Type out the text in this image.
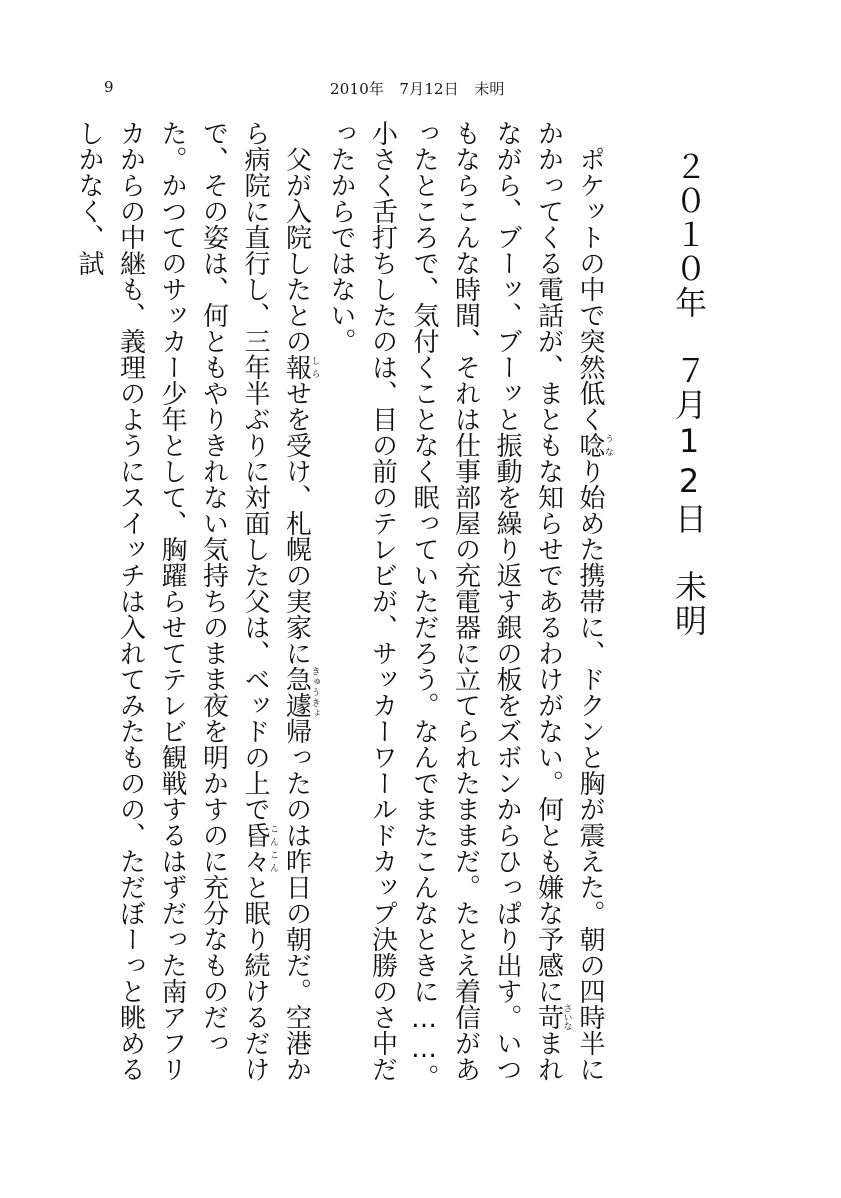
9	2010年　7月12日　未明
２０１０年　７月12日　未明

ポケットの中で突然低く唸うなり始めた携帯に、ドクンと胸が震えた。朝の四時半にかかってくる電話が、まともな知らせであるわけがない。何とも嫌な予感に苛さいなまれながら、ブーッ、ブーッと振動を繰り返す銀の板をズボンからひっぱり出す。いつもならこんな時間、それは仕事部屋の充電器に立てられたままだ。たとえ着信があったところで、気付くことなく眠っていただろう。なんでまたこんなときに……。小さく舌打ちしたのは、目の前のテレビが、サッカーワールドカップ決勝のさ中だったからではない。

父が入院したとの報しらせを受け、札幌の実家に急遽きゅうきょ帰ったのは昨日の朝だ。空港から病院に直行し、三年半ぶりに対面した父は、ベッドの上で昏々こんこんと眠り続けるだけで、その姿は、何ともやりきれない気持ちのまま夜を明かすのに充分なものだった。かつてのサッカー少年として、胸躍らせてテレビ観戦するはずだった南アフリカからの中継も、義理のようにスイッチは入れてみたものの、ただぼーっと眺めるしかなく、試
